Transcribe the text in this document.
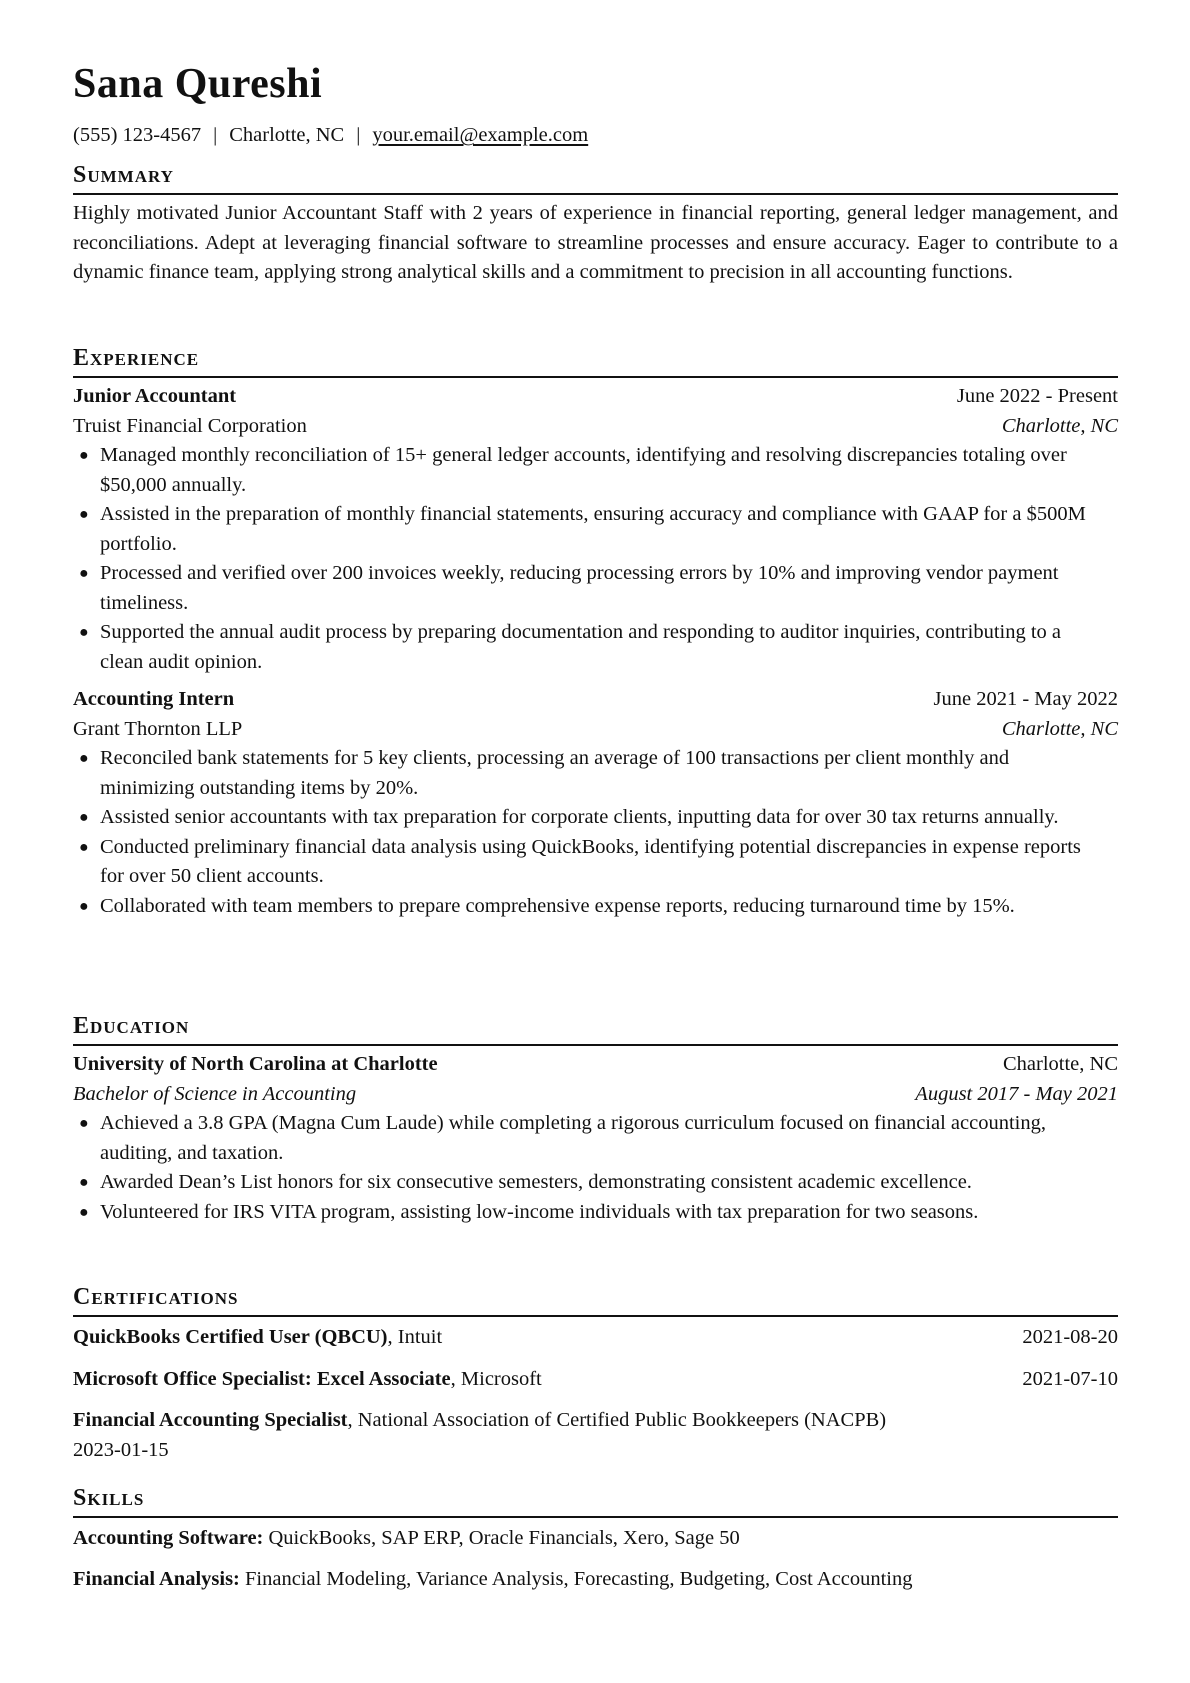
Sana Qureshi
(555) 123-4567 | Charlotte, NC | your.email@example.com
Summary
Highly motivated Junior Accountant Staff with 2 years of experience in financial reporting, general ledger management, and reconciliations. Adept at leveraging financial software to streamline processes and ensure accuracy. Eager to contribute to a dynamic finance team, applying strong analytical skills and a commitment to precision in all accounting functions.
Experience
Junior Accountant	June 2022 - Present
Truist Financial Corporation	Charlotte, NC
● Managed monthly reconciliation of 15+ general ledger accounts, identifying and resolving discrepancies totaling over $50,000 annually.
● Assisted in the preparation of monthly financial statements, ensuring accuracy and compliance with GAAP for a $500M portfolio.
● Processed and verified over 200 invoices weekly, reducing processing errors by 10% and improving vendor payment timeliness.
● Supported the annual audit process by preparing documentation and responding to auditor inquiries, contributing to a clean audit opinion.
Accounting Intern	June 2021 - May 2022
Grant Thornton LLP	Charlotte, NC
● Reconciled bank statements for 5 key clients, processing an average of 100 transactions per client monthly and minimizing outstanding items by 20%.
● Assisted senior accountants with tax preparation for corporate clients, inputting data for over 30 tax returns annually.
● Conducted preliminary financial data analysis using QuickBooks, identifying potential discrepancies in expense reports for over 50 client accounts.
● Collaborated with team members to prepare comprehensive expense reports, reducing turnaround time by 15%.
Education
University of North Carolina at Charlotte	Charlotte, NC
Bachelor of Science in Accounting	August 2017 - May 2021
● Achieved a 3.8 GPA (Magna Cum Laude) while completing a rigorous curriculum focused on financial accounting, auditing, and taxation.
● Awarded Dean’s List honors for six consecutive semesters, demonstrating consistent academic excellence.
● Volunteered for IRS VITA program, assisting low-income individuals with tax preparation for two seasons.
Certifications
QuickBooks Certified User (QBCU), Intuit	2021-08-20
Microsoft Office Specialist: Excel Associate, Microsoft	2021-07-10
Financial Accounting Specialist, National Association of Certified Public Bookkeepers (NACPB)
2023-01-15
Skills
Accounting Software: QuickBooks, SAP ERP, Oracle Financials, Xero, Sage 50
Financial Analysis: Financial Modeling, Variance Analysis, Forecasting, Budgeting, Cost Accounting
